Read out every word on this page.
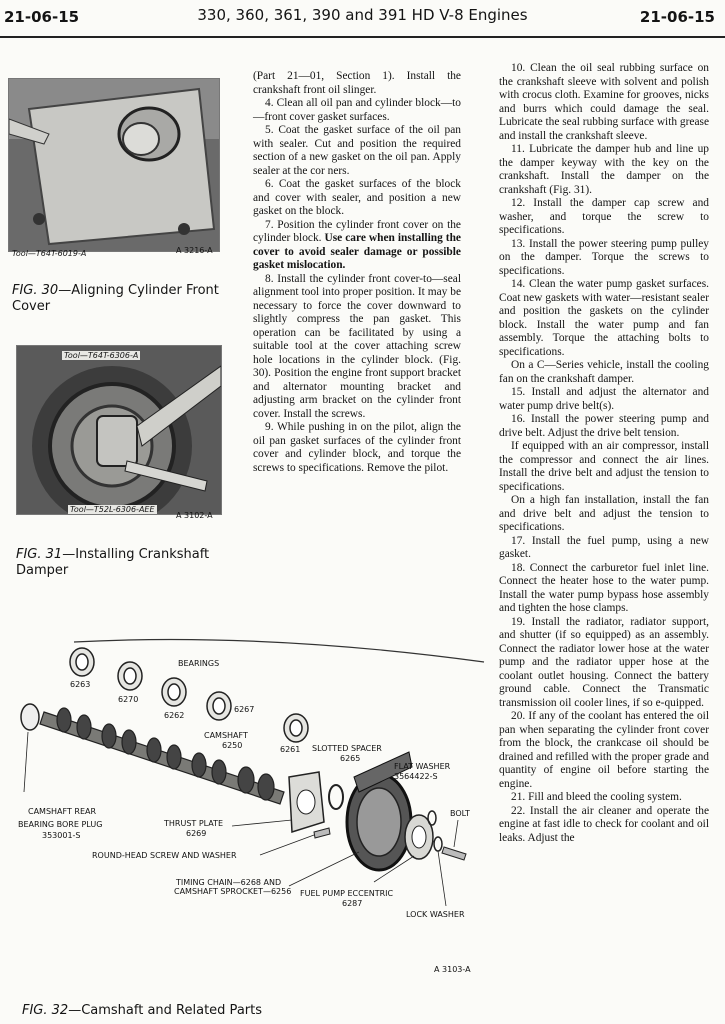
21-06-15	330, 360, 361, 390 and 391 HD V-8 Engines	21-06-15
Tool—T64T-6019-A	A 3216-A
FIG. 30—Aligning Cylinder Front Cover
Tool—T64T-6306-A
Tool—T52L-6306-AEE
A 3102-A
FIG. 31—Installing Crankshaft Damper

(Part 21—01, Section 1). Install the crankshaft front oil slinger.

4. Clean all oil pan and cylinder block—to—front cover gasket surfaces.

5. Coat the gasket surface of the oil pan with sealer. Cut and position the required section of a new gasket on the oil pan. Apply sealer at the cor ners.

6. Coat the gasket surfaces of the block and cover with sealer, and position a new gasket on the block.

7. Position the cylinder front cover on the cylinder block. Use care when installing the cover to avoid sealer damage or possible gasket mislocation.

8. Install the cylinder front cover-to—seal alignment tool into proper position. It may be necessary to force the cover downward to slightly compress the pan gasket. This operation can be facilitated by using a suitable tool at the cover attaching screw hole locations in the cylinder block. (Fig. 30). Position the engine front support bracket and alternator mounting bracket and adjusting arm bracket on the cylinder front cover. Install the screws.

9. While pushing in on the pilot, align the oil pan gasket surfaces of the cylinder front cover and cylinder block, and torque the screws to specifications. Remove the pilot.

10. Clean the oil seal rubbing surface on the crankshaft sleeve with solvent and polish with crocus cloth. Examine for grooves, nicks and burrs which could damage the seal. Lubricate the seal rubbing surface with grease and install the crankshaft sleeve.

11. Lubricate the damper hub and line up the damper keyway with the key on the crankshaft. Install the damper on the crankshaft (Fig. 31).

12. Install the damper cap screw and washer, and torque the screw to specifications.

13. Install the power steering pump pulley on the damper. Torque the screws to specifications.

14. Clean the water pump gasket surfaces. Coat new gaskets with water—resistant sealer and position the gaskets on the cylinder block. Install the water pump and fan assembly. Torque the attaching bolts to specifications.

On a C—Series vehicle, install the cooling fan on the crankshaft damper.

15. Install and adjust the alternator and water pump drive belt(s).

16. Install the power steering pump and drive belt. Adjust the drive belt tension.

If equipped with an air compressor, install the compressor and connect the air lines. Install the drive belt and adjust the tension to specifications.

On a high fan installation, install the fan and drive belt and adjust the tension to specifications.

17. Install the fuel pump, using a new gasket.

18. Connect the carburetor fuel inlet line. Connect the heater hose to the water pump. Install the water pump bypass hose assembly and tighten the hose clamps.

19. Install the radiator, radiator support, and shutter (if so equipped) as an assembly. Connect the radiator lower hose at the water pump and the radiator upper hose at the coolant outlet housing. Connect the battery ground cable. Connect the Transmatic transmission oil cooler lines, if so e-quipped.

20. If any of the coolant has entered the oil pan when separating the cylinder front cover from the block, the crankcase oil should be drained and refilled with the proper grade and quantity of engine oil before starting the engine.

21. Fill and bleed the cooling system.

22. Install the air cleaner and operate the engine at fast idle to check for coolant and oil leaks. Adjust the

BEARINGS
6263
6270
6262
6267
6261
CAMSHAFT
6250	SLOTTED SPACER
6265
FLAT WASHER
3564422-S
BOLT
CAMSHAFT REAR
BEARING BORE PLUG
353001-S
THRUST PLATE
6269
ROUND-HEAD SCREW AND WASHER
TIMING CHAIN—6268 AND
CAMSHAFT SPROCKET—6256 FUEL PUMP ECCENTRIC
6287
LOCK WASHER
A 3103-A
FIG. 32—Camshaft and Related Parts
